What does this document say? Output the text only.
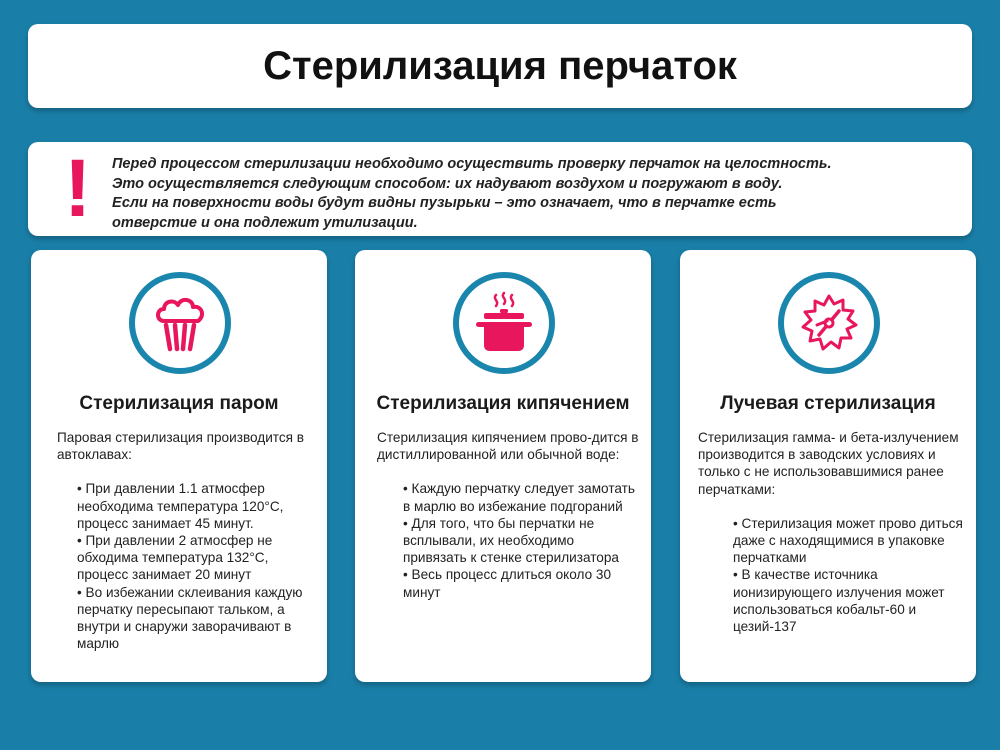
Стерилизация перчаток
! Перед процессом стерилизации необходимо осуществить проверку перчаток на целостность.
Это осуществляется следующим способом: их надувают воздухом и погружают в воду.
Если на поверхности воды будут видны пузырьки – это означает, что в перчатке есть
отверстие и она подлежит утилизации.
Стерилизация паром
Паровая стерилизация производится в автоклавах:
• При давлении 1.1 атмосфер необходима температура 120°C, процесс занимает 45 минут.
• При давлении 2 атмосфер не обходима температура 132°C, процесс занимает 20 минут
• Во избежании склеивания каждую перчатку пересыпают тальком, а внутри и снаружи заворачивают в марлю
Стерилизация кипячением
Стерилизация кипячением прово-дится в дистиллированной или обычной воде:
• Каждую перчатку следует замотать в марлю во избежание подгораний
• Для того, что бы перчатки не всплывали, их необходимо привязать к стенке стерилизатора
• Весь процесс длиться около 30 минут
Лучевая стерилизация
Стерилизация гамма- и бета-излучением производится в заводских условиях и только с не использовавшимися ранее перчатками:
• Стерилизация может прово диться даже с находящимися в упаковке перчатками
• В качестве источника ионизирующего излучения может использоваться кобальт-60 и цезий-137
